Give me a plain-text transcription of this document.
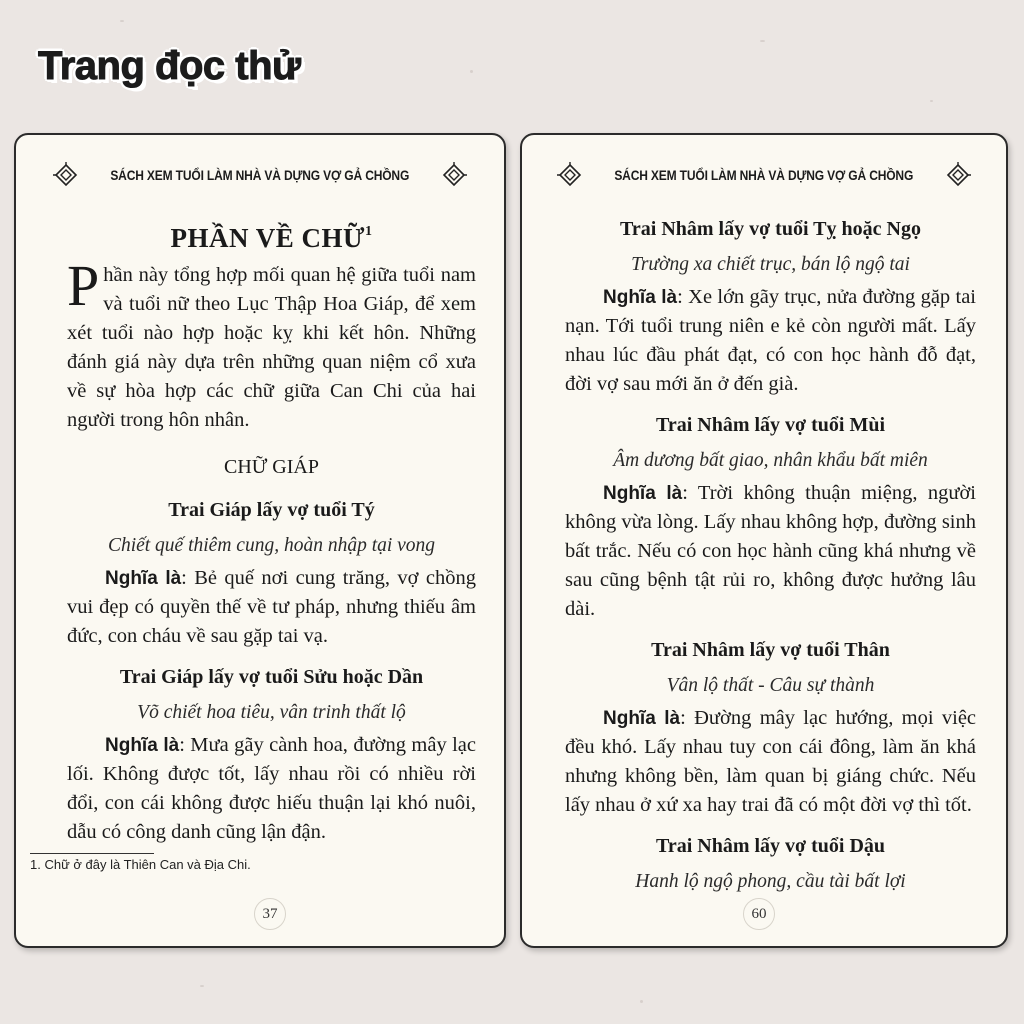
Trang đọc thử
SÁCH XEM TUỔI LÀM NHÀ VÀ DỰNG VỢ GẢ CHỒNG
PHẦN VỀ CHỮ$^1$

Phần này tổng hợp mối quan hệ giữa tuổi nam và tuổi nữ theo Lục Thập Hoa Giáp, để xem xét tuổi nào hợp hoặc kỵ khi kết hôn. Những đánh giá này dựa trên những quan niệm cổ xưa về sự hòa hợp các chữ giữa Can Chi của hai người trong hôn nhân.

CHỮ GIÁP
Trai Giáp lấy vợ tuổi Tý
Chiết quế thiêm cung, hoàn nhập tại vong

Nghĩa là: Bẻ quế nơi cung trăng, vợ chồng vui đẹp có quyền thế về tư pháp, nhưng thiếu âm đức, con cháu về sau gặp tai vạ.

Trai Giáp lấy vợ tuổi Sửu hoặc Dần
Võ chiết hoa tiêu, vân trinh thất lộ

Nghĩa là: Mưa gãy cành hoa, đường mây lạc lối. Không được tốt, lấy nhau rồi có nhiều rời đổi, con cái không được hiếu thuận lại khó nuôi, dẫu có công danh cũng lận đận.

1. Chữ ở đây là Thiên Can và Địa Chi.
37
SÁCH XEM TUỔI LÀM NHÀ VÀ DỰNG VỢ GẢ CHỒNG
Trai Nhâm lấy vợ tuổi Tỵ hoặc Ngọ
Trường xa chiết trục, bán lộ ngộ tai

Nghĩa là: Xe lớn gãy trục, nửa đường gặp tai nạn. Tới tuổi trung niên e kẻ còn người mất. Lấy nhau lúc đầu phát đạt, có con học hành đỗ đạt, đời vợ sau mới ăn ở đến già.

Trai Nhâm lấy vợ tuổi Mùi
Âm dương bất giao, nhân khẩu bất miên

Nghĩa là: Trời không thuận miệng, người không vừa lòng. Lấy nhau không hợp, đường sinh bất trắc. Nếu có con học hành cũng khá nhưng về sau cũng bệnh tật rủi ro, không được hưởng lâu dài.

Trai Nhâm lấy vợ tuổi Thân
Vân lộ thất - Câu sự thành

Nghĩa là: Đường mây lạc hướng, mọi việc đều khó. Lấy nhau tuy con cái đông, làm ăn khá nhưng không bền, làm quan bị giáng chức. Nếu lấy nhau ở xứ xa hay trai đã có một đời vợ thì tốt.

Trai Nhâm lấy vợ tuổi Dậu
Hanh lộ ngộ phong, cầu tài bất lợi
60
